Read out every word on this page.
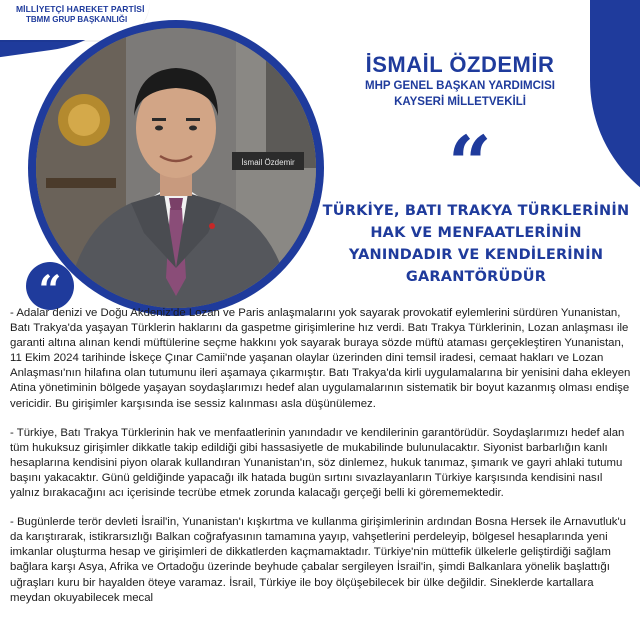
MİLLİYETÇİ HAREKET PARTİSİ
TBMM GRUP BAŞKANLIĞI
İsmail Özdemir
İSMAİL ÖZDEMİR
MHP GENEL BAŞKAN YARDIMCISI
KAYSERİ MİLLETVEKİLİ
“
TÜRKİYE, BATI TRAKYA TÜRKLERİNİN
HAK VE MENFAATLERİNİN
YANINDADIR VE KENDİLERİNİN
GARANTÖRÜDÜR
“

- Adalar denizi ve Doğu Akdeniz'de Lozan ve Paris anlaşmalarını yok sayarak provokatif eylemlerini sürdüren Yunanistan, Batı Trakya'da yaşayan Türklerin haklarını da gaspetme girişimlerine hız verdi. Batı Trakya Türklerinin, Lozan anlaşması ile garanti altına alınan kendi müftülerine seçme hakkını yok sayarak buraya sözde müftü ataması gerçekleştiren Yunanistan, 11 Ekim 2024 tarihinde İskeçe Çınar Camii'nde yaşanan olaylar üzerinden dini temsil iradesi, cemaat hakları ve Lozan Anlaşması'nın hilafına olan tutumunu ileri aşamaya çıkarmıştır. Batı Trakya'da kirli uygulamalarına bir yenisini daha ekleyen Atina yönetiminin bölgede yaşayan soydaşlarımızı hedef alan uygulamalarının sistematik bir boyut kazanmış olması endişe vericidir. Bu girişimler karşısında ise sessiz kalınması asla düşünülemez.

- Türkiye, Batı Trakya Türklerinin hak ve menfaatlerinin yanındadır ve kendilerinin garantörüdür. Soydaşlarımızı hedef alan tüm hukuksuz girişimler dikkatle takip edildiği gibi hassasiyetle de mukabilinde bulunulacaktır. Siyonist barbarlığın kanlı hesaplarına kendisini piyon olarak kullandıran Yunanistan'ın, söz dinlemez, hukuk tanımaz, şımarık ve gayri ahlaki tutumu başını yakacaktır. Günü geldiğinde yapacağı ilk hatada bugün sırtını sıvazlayanların Türkiye karşısında kendisini nasıl yalnız bırakacağını acı içerisinde tecrübe etmek zorunda kalacağı gerçeği belli ki görememektedir.

- Bugünlerde terör devleti İsrail'in, Yunanistan'ı kışkırtma ve kullanma girişimlerinin ardından Bosna Hersek ile Arnavutluk'u da karıştırarak, istikrarsızlığı Balkan coğrafyasının tamamına yayıp, vahşetlerini perdeleyip, bölgesel hesaplarında yeni imkanlar oluşturma hesap ve girişimleri de dikkatlerden kaçmamaktadır. Türkiye'nin müttefik ülkelerle geliştirdiği sağlam bağlara karşı Asya, Afrika ve Ortadoğu üzerinde beyhude çabalar sergileyen İsrail'in, şimdi Balkanlara yönelik başlattığı uğraşları kuru bir hayalden öteye varamaz. İsrail, Türkiye ile boy ölçüşebilecek bir ülke değildir. Sineklerde kartallara meydan okuyabilecek mecal
